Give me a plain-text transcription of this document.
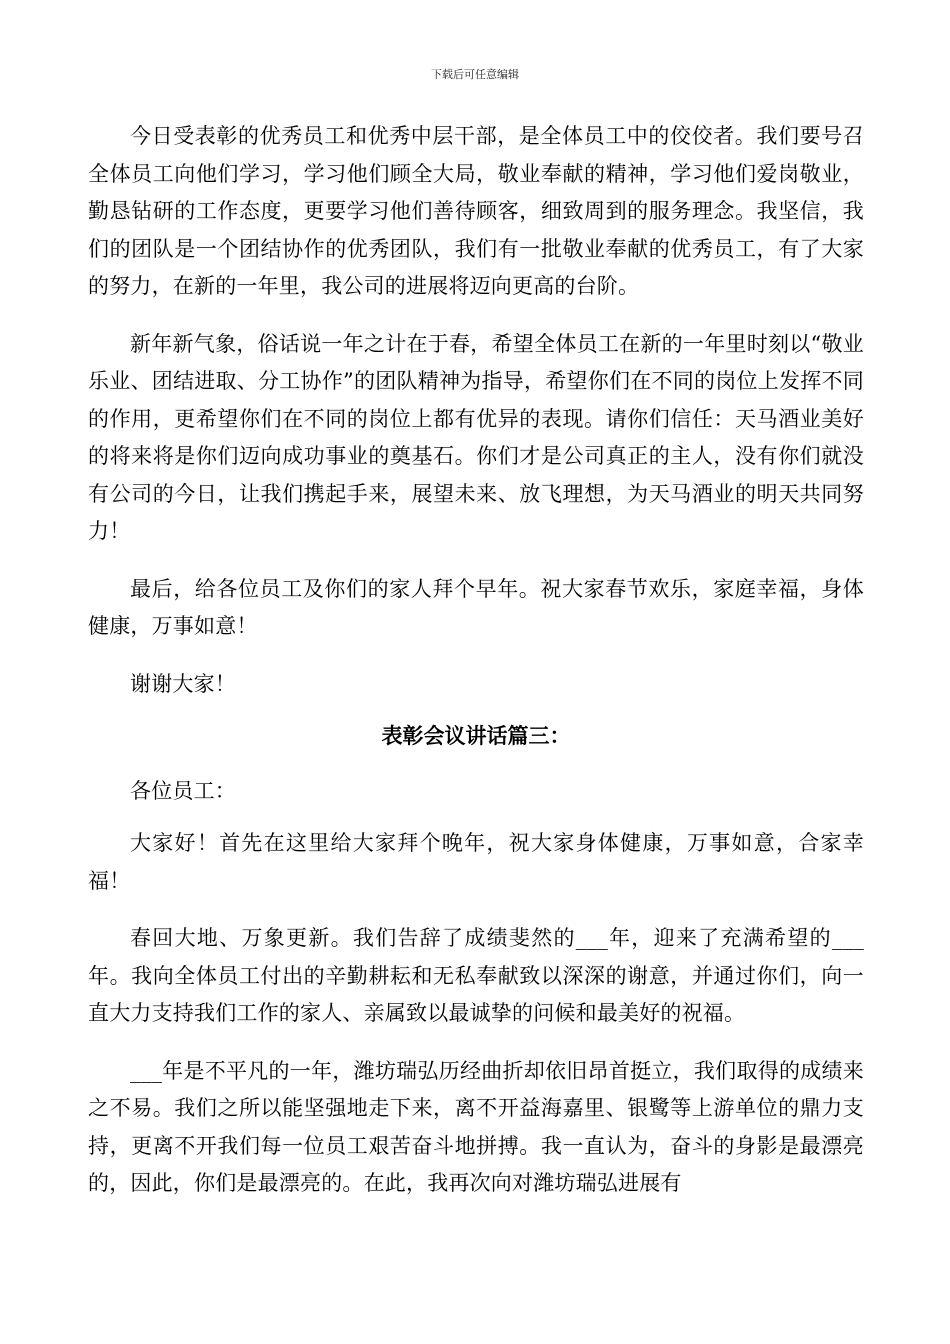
下载后可任意编辑

今日受表彰的优秀员工和优秀中层干部，是全体员工中的佼佼者。我们要号召全体员工向他们学习，学习他们顾全大局，敬业奉献的精神，学习他们爱岗敬业，勤恳钻研的工作态度，更要学习他们善待顾客，细致周到的服务理念。我坚信，我们的团队是一个团结协作的优秀团队，我们有一批敬业奉献的优秀员工，有了大家的努力，在新的一年里，我公司的进展将迈向更高的台阶。

新年新气象，俗话说一年之计在于春，希望全体员工在新的一年里时刻以“敬业乐业、团结进取、分工协作”的团队精神为指导，希望你们在不同的岗位上发挥不同的作用，更希望你们在不同的岗位上都有优异的表现。请你们信任：天马酒业美好的将来将是你们迈向成功事业的奠基石。你们才是公司真正的主人，没有你们就没有公司的今日，让我们携起手来，展望未来、放飞理想，为天马酒业的明天共同努力！

最后，给各位员工及你们的家人拜个早年。祝大家春节欢乐，家庭幸福，身体健康，万事如意！

谢谢大家！

表彰会议讲话篇三：

各位员工：

大家好！首先在这里给大家拜个晚年，祝大家身体健康，万事如意，合家幸福！

春回大地、万象更新。我们告辞了成绩斐然的___年，迎来了充满希望的___年。我向全体员工付出的辛勤耕耘和无私奉献致以深深的谢意，并通过你们，向一直大力支持我们工作的家人、亲属致以最诚挚的问候和最美好的祝福。

___年是不平凡的一年，潍坊瑞弘历经曲折却依旧昂首挺立，我们取得的成绩来之不易。我们之所以能坚强地走下来，离不开益海嘉里、银鹭等上游单位的鼎力支持，更离不开我们每一位员工艰苦奋斗地拼搏。我一直认为，奋斗的身影是最漂亮的，因此，你们是最漂亮的。在此，我再次向对潍坊瑞弘进展有
